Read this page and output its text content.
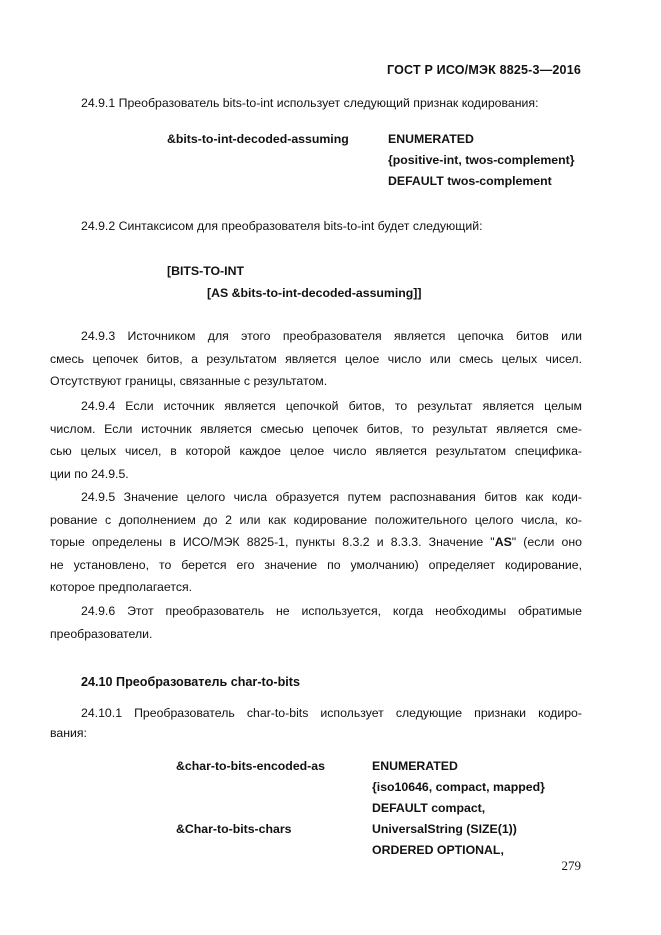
ГОСТ Р ИСО/МЭК 8825-3—2016
24.9.1 Преобразователь bits-to-int использует следующий признак кодирования:
&bits-to-int-decoded-assuming	ENUMERATED
{positive-int, twos-complement}
DEFAULT twos-complement
24.9.2 Синтаксисом для преобразователя bits-to-int будет следующий:
[BITS-TO-INT
[AS &bits-to-int-decoded-assuming]]
24.9.3 Источником для этого преобразователя является цепочка битов или
смесь цепочек битов, а результатом является целое число или смесь целых чисел.
Отсутствуют границы, связанные с результатом.
24.9.4 Если источник является цепочкой битов, то результат является целым
числом. Если источник является смесью цепочек битов, то результат является сме-
сью целых чисел, в которой каждое целое число является результатом специфика-
ции по 24.9.5.
24.9.5 Значение целого числа образуется путем распознавания битов как коди-
рование с дополнением до 2 или как кодирование положительного целого числа, ко-
торые определены в ИСО/МЭК 8825-1, пункты 8.3.2 и 8.3.3. Значение "AS" (если оно
не установлено, то берется его значение по умолчанию) определяет кодирование,
которое предполагается.
24.9.6 Этот преобразователь не используется, когда необходимы обратимые
преобразователи.
24.10 Преобразователь char-to-bits
24.10.1 Преобразователь char-to-bits использует следующие признаки кодиро-
вания:
&char-to-bits-encoded-as	ENUMERATED
{iso10646, compact, mapped}
DEFAULT compact,
&Char-to-bits-chars	UniversalString (SIZE(1))
ORDERED OPTIONAL,
279
